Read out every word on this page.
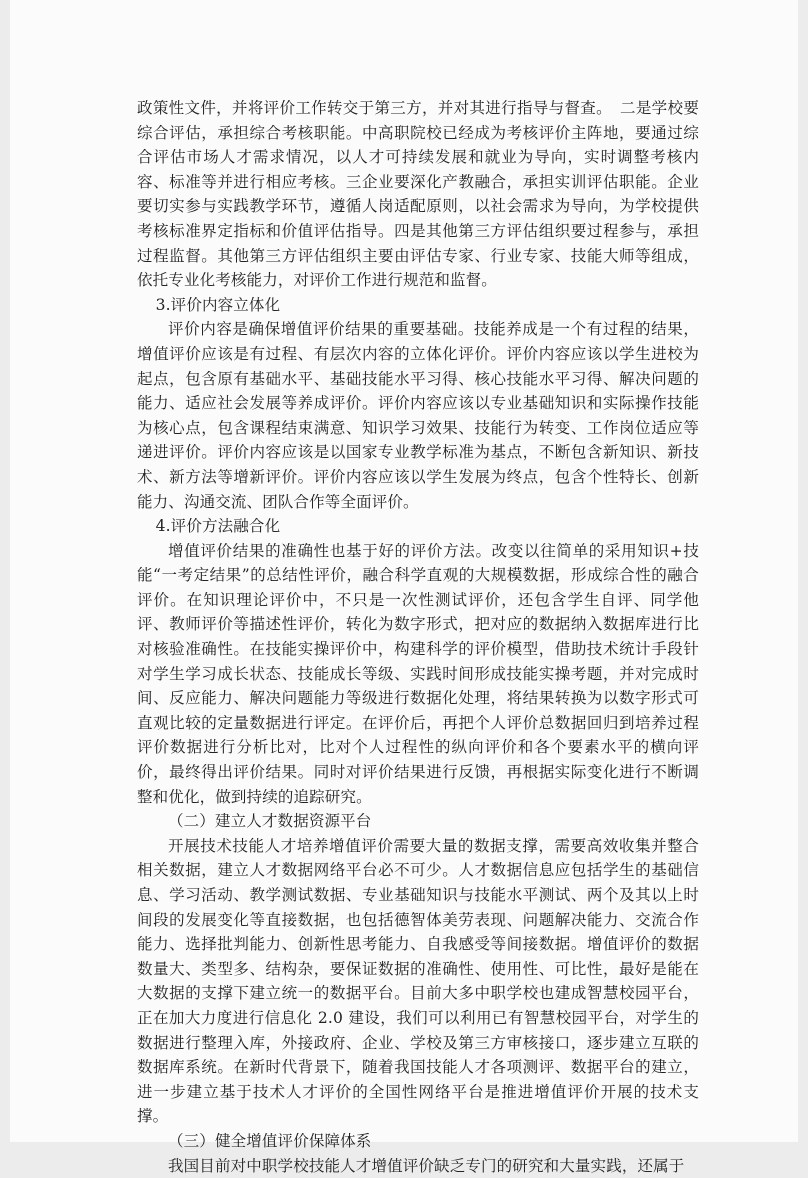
政策性文件，并将评价工作转交于第三方，并对其进行指导与督查。　二是学校要综合评估，承担综合考核职能。中高职院校已经成为考核评价主阵地，要通过综合评估市场人才需求情况，以人才可持续发展和就业为导向，实时调整考核内容、标准等并进行相应考核。三企业要深化产教融合，承担实训评估职能。企业要切实参与实践教学环节，遵循人岗适配原则，以社会需求为导向，为学校提供考核标准界定指标和价值评估指导。四是其他第三方评估组织要过程参与，承担过程监督。其他第三方评估组织主要由评估专家、行业专家、技能大师等组成，依托专业化考核能力，对评价工作进行规范和监督。

3.评价内容立体化

评价内容是确保增值评价结果的重要基础。技能养成是一个有过程的结果，增值评价应该是有过程、有层次内容的立体化评价。评价内容应该以学生进校为起点，包含原有基础水平、基础技能水平习得、核心技能水平习得、解决问题的能力、适应社会发展等养成评价。评价内容应该以专业基础知识和实际操作技能为核心点，包含课程结束满意、知识学习效果、技能行为转变、工作岗位适应等递进评价。评价内容应该是以国家专业教学标准为基点，不断包含新知识、新技术、新方法等增新评价。评价内容应该以学生发展为终点，包含个性特长、创新能力、沟通交流、团队合作等全面评价。

4.评价方法融合化

增值评价结果的准确性也基于好的评价方法。改变以往简单的采用知识+技能“一考定结果”的总结性评价，融合科学直观的大规模数据，形成综合性的融合评价。在知识理论评价中，不只是一次性测试评价，还包含学生自评、同学他评、教师评价等描述性评价，转化为数字形式，把对应的数据纳入数据库进行比对核验准确性。在技能实操评价中，构建科学的评价模型，借助技术统计手段针对学生学习成长状态、技能成长等级、实践时间形成技能实操考题，并对完成时间、反应能力、解决问题能力等级进行数据化处理，将结果转换为以数字形式可直观比较的定量数据进行评定。在评价后，再把个人评价总数据回归到培养过程评价数据进行分析比对，比对个人过程性的纵向评价和各个要素水平的横向评价，最终得出评价结果。同时对评价结果进行反馈，再根据实际变化进行不断调整和优化，做到持续的追踪研究。

（二）建立人才数据资源平台

开展技术技能人才培养增值评价需要大量的数据支撑，需要高效收集并整合相关数据，建立人才数据网络平台必不可少。人才数据信息应包括学生的基础信息、学习活动、教学测试数据、专业基础知识与技能水平测试、两个及其以上时间段的发展变化等直接数据，也包括德智体美劳表现、问题解决能力、交流合作能力、选择批判能力、创新性思考能力、自我感受等间接数据。增值评价的数据数量大、类型多、结构杂，要保证数据的准确性、使用性、可比性，最好是能在大数据的支撑下建立统一的数据平台。目前大多中职学校也建成智慧校园平台，正在加大力度进行信息化 2.0 建设，我们可以利用已有智慧校园平台，对学生的数据进行整理入库，外接政府、企业、学校及第三方审核接口，逐步建立互联的数据库系统。在新时代背景下，随着我国技能人才各项测评、数据平台的建立，进一步建立基于技术人才评价的全国性网络平台是推进增值评价开展的技术支撑。

（三）健全增值评价保障体系

我国目前对中职学校技能人才增值评价缺乏专门的研究和大量实践，还属于
